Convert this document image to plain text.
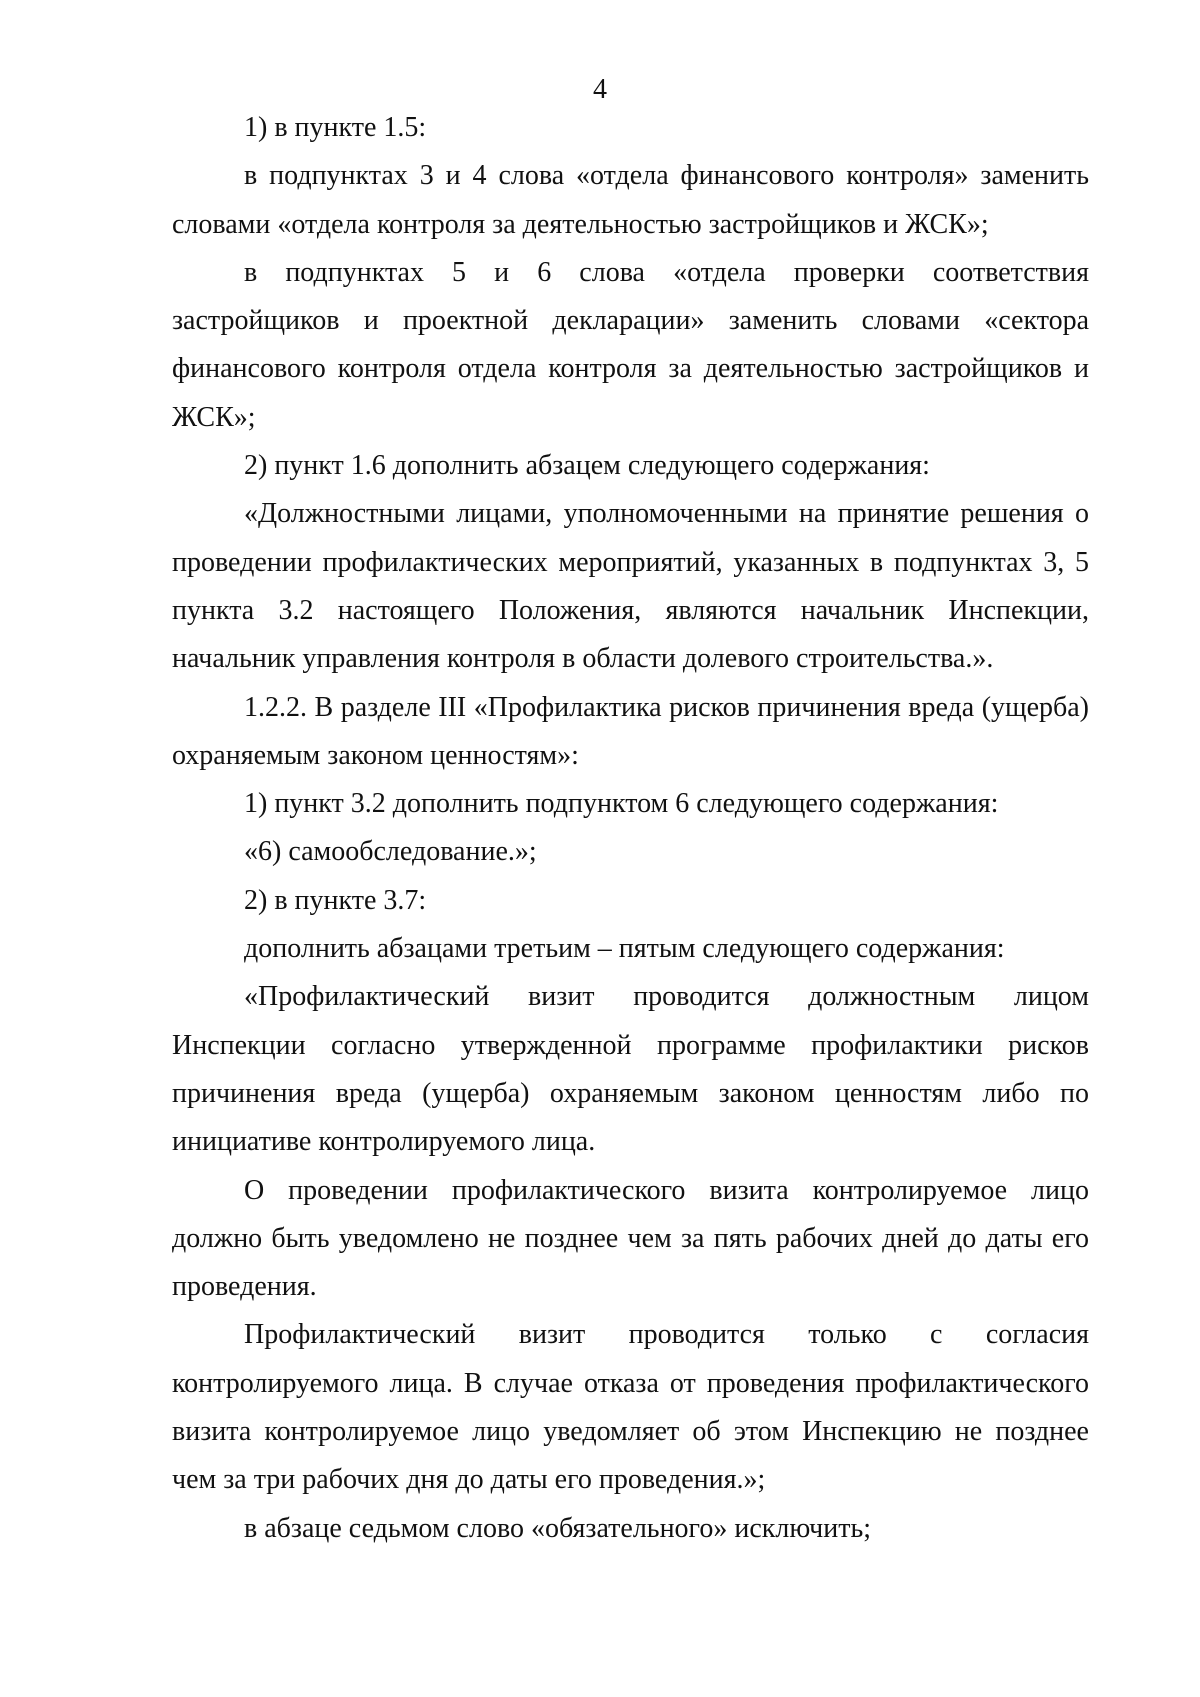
4

1) в пункте 1.5:

в подпунктах 3 и 4 слова «отдела финансового контроля» заменить словами «отдела контроля за деятельностью застройщиков и ЖСК»;

в подпунктах 5 и 6 слова «отдела проверки соответствия застройщиков и проектной декларации» заменить словами «сектора финансового контроля отдела контроля за деятельностью застройщиков и ЖСК»;

2) пункт 1.6 дополнить абзацем следующего содержания:

«Должностными лицами, уполномоченными на принятие решения о проведении профилактических мероприятий, указанных в подпунктах 3, 5 пункта 3.2 настоящего Положения, являются начальник Инспекции, начальник управления контроля в области долевого строительства.».

1.2.2. В разделе III «Профилактика рисков причинения вреда (ущерба) охраняемым законом ценностям»:

1) пункт 3.2 дополнить подпунктом 6 следующего содержания:

«6) самообследование.»;

2) в пункте 3.7:

дополнить абзацами третьим – пятым следующего содержания:

«Профилактический визит проводится должностным лицом Инспекции согласно утвержденной программе профилактики рисков причинения вреда (ущерба) охраняемым законом ценностям либо по инициативе контролируемого лица.

О проведении профилактического визита контролируемое лицо должно быть уведомлено не позднее чем за пять рабочих дней до даты его проведения.

Профилактический визит проводится только с согласия контролируемого лица. В случае отказа от проведения профилактического визита контролируемое лицо уведомляет об этом Инспекцию не позднее чем за три рабочих дня до даты его проведения.»;

в абзаце седьмом слово «обязательного» исключить;
